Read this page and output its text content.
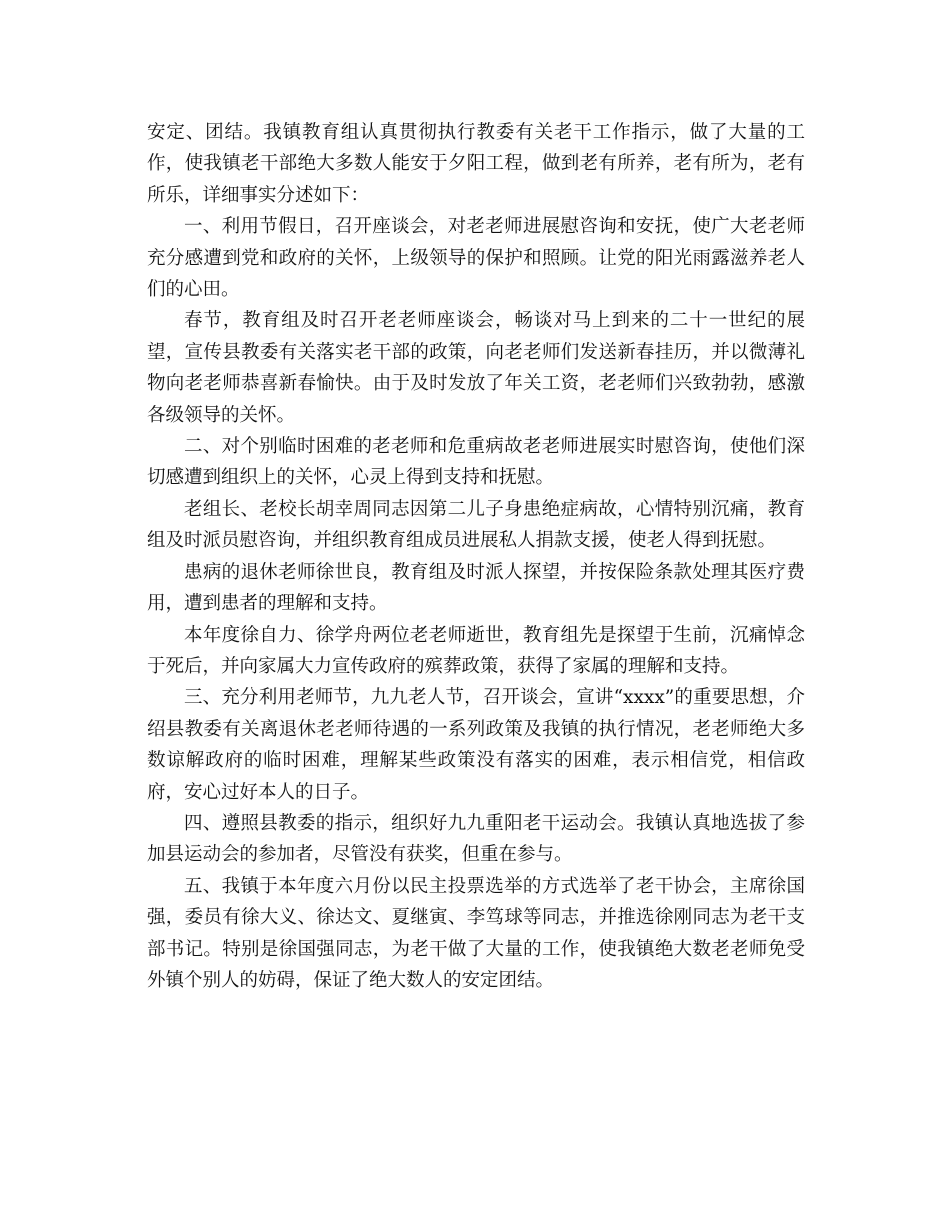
安定、团结。我镇教育组认真贯彻执行教委有关老干工作指示，做了大量的工作，使我镇老干部绝大多数人能安于夕阳工程，做到老有所养，老有所为，老有所乐，详细事实分述如下：

一、利用节假日，召开座谈会，对老老师进展慰咨询和安抚，使广大老老师充分感遭到党和政府的关怀，上级领导的保护和照顾。让党的阳光雨露滋养老人们的心田。

春节，教育组及时召开老老师座谈会，畅谈对马上到来的二十一世纪的展望，宣传县教委有关落实老干部的政策，向老老师们发送新春挂历，并以微薄礼物向老老师恭喜新春愉快。由于及时发放了年关工资，老老师们兴致勃勃，感激各级领导的关怀。

二、对个别临时困难的老老师和危重病故老老师进展实时慰咨询，使他们深切感遭到组织上的关怀，心灵上得到支持和抚慰。

老组长、老校长胡幸周同志因第二儿子身患绝症病故，心情特别沉痛，教育组及时派员慰咨询，并组织教育组成员进展私人捐款支援，使老人得到抚慰。

患病的退休老师徐世良，教育组及时派人探望，并按保险条款处理其医疗费用，遭到患者的理解和支持。

本年度徐自力、徐学舟两位老老师逝世，教育组先是探望于生前，沉痛悼念于死后，并向家属大力宣传政府的殡葬政策，获得了家属的理解和支持。

三、充分利用老师节，九九老人节，召开谈会，宣讲“xxxx”的重要思想，介绍县教委有关离退休老老师待遇的一系列政策及我镇的执行情况，老老师绝大多数谅解政府的临时困难，理解某些政策没有落实的困难，表示相信党，相信政府，安心过好本人的日子。

四、遵照县教委的指示，组织好九九重阳老干运动会。我镇认真地选拔了参加县运动会的参加者，尽管没有获奖，但重在参与。

五、我镇于本年度六月份以民主投票选举的方式选举了老干协会，主席徐国强，委员有徐大义、徐达文、夏继寅、李笃球等同志，并推选徐刚同志为老干支部书记。特别是徐国强同志，为老干做了大量的工作，使我镇绝大数老老师免受外镇个别人的妨碍，保证了绝大数人的安定团结。
